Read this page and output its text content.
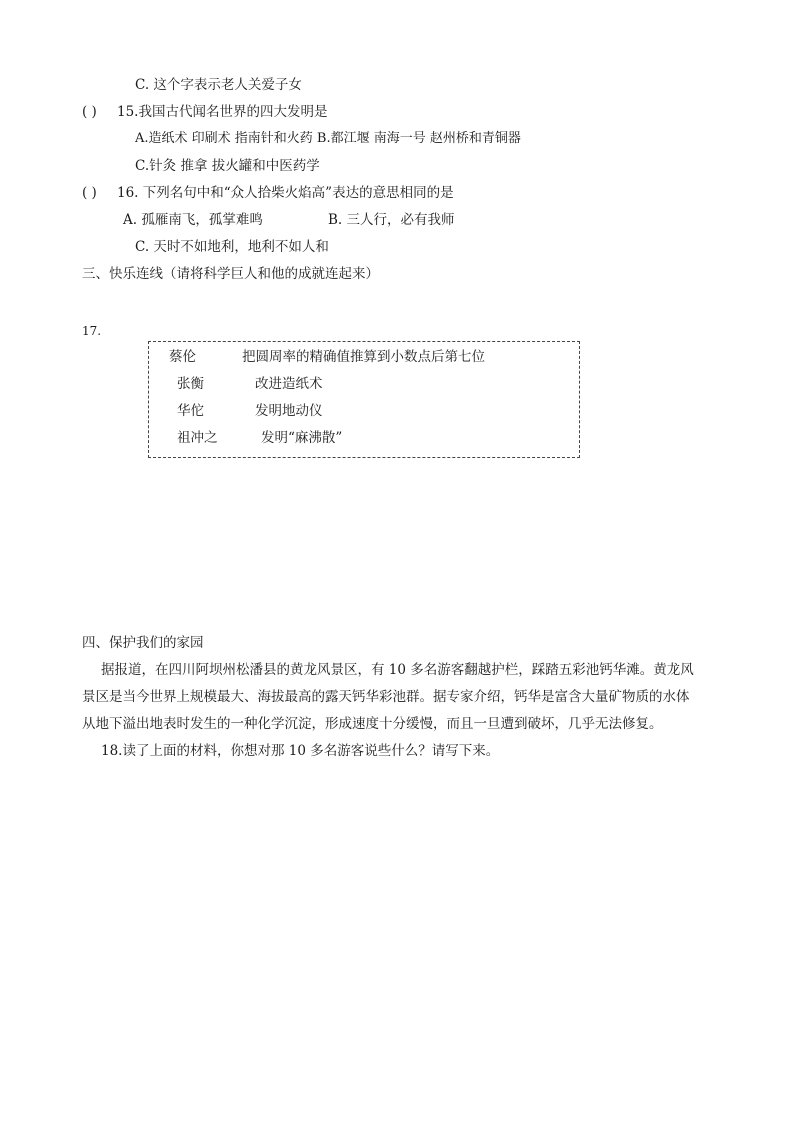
C. 这个字表示老人关爱子女
( ) 15.我国古代闻名世界的四大发明是
A.造纸术 印刷术 指南针和火药 B.都江堰 南海一号 赵州桥和青铜器
C.针灸 推拿 拔火罐和中医药学
( ) 16. 下列名句中和“众人拾柴火焰高”表达的意思相同的是
A. 孤雁南飞，孤掌难鸣	B. 三人行，必有我师
C. 天时不如地利，地利不如人和
三、快乐连线（请将科学巨人和他的成就连起来）
17.
蔡伦	把圆周率的精确值推算到小数点后第七位
张衡	改进造纸术
华佗	发明地动仪
祖冲之	发明“麻沸散”
四、保护我们的家园
据报道，在四川阿坝州松潘县的黄龙风景区，有 10 多名游客翻越护栏，踩踏五彩池钙华滩。黄龙风
景区是当今世界上规模最大、海拔最高的露天钙华彩池群。据专家介绍，钙华是富含大量矿物质的水体
从地下溢出地表时发生的一种化学沉淀，形成速度十分缓慢，而且一旦遭到破坏，几乎无法修复。
18.读了上面的材料，你想对那 10 多名游客说些什么？请写下来。
